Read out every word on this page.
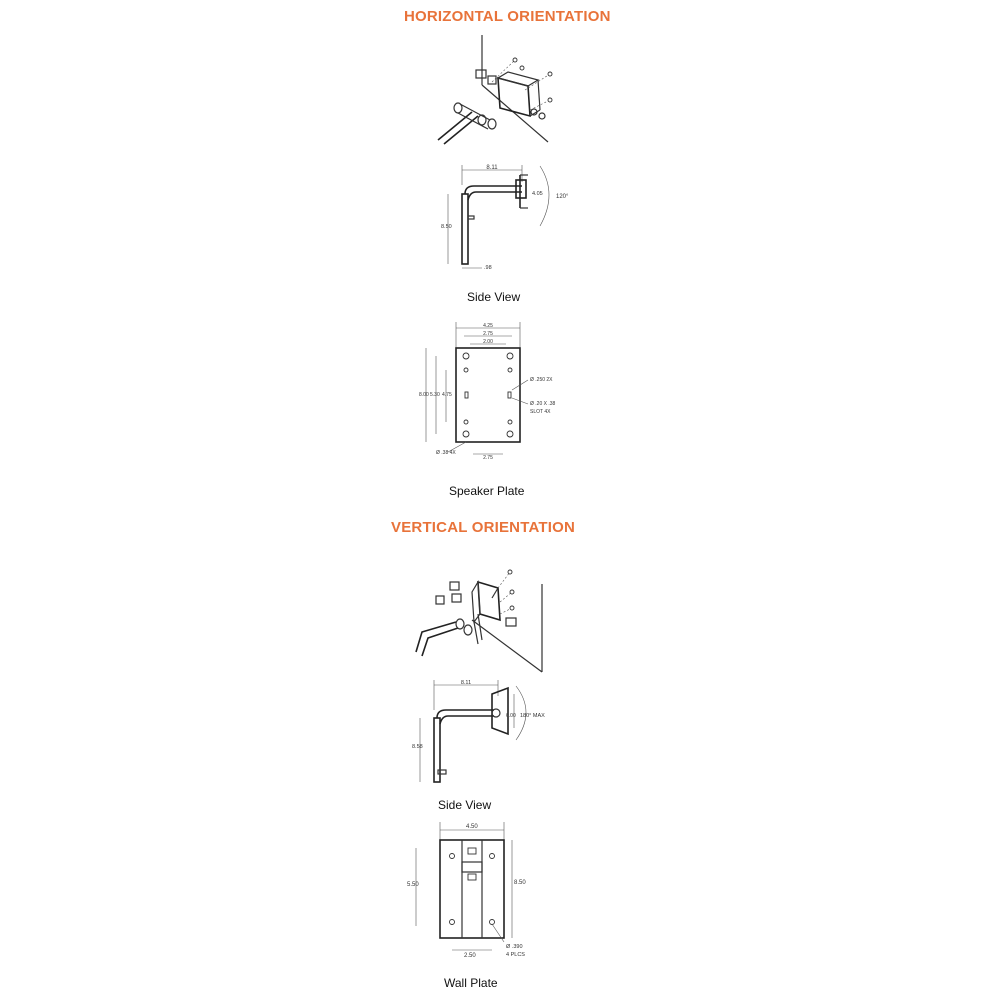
HORIZONTAL ORIENTATION
8.11
120°
4.05
8.50
.98
Side View
4.25
2.75
2.00
8.00 5.30 4.75
Ø .250 2X
Ø .20 X .38
SLOT 4X
Ø .38 4X
2.75
Speaker Plate
VERTICAL ORIENTATION
8.11
6.00 180° MAX
8.58
Side View
4.50
5.50	8.50
2.50
Ø .390
4 PLCS
Wall Plate
